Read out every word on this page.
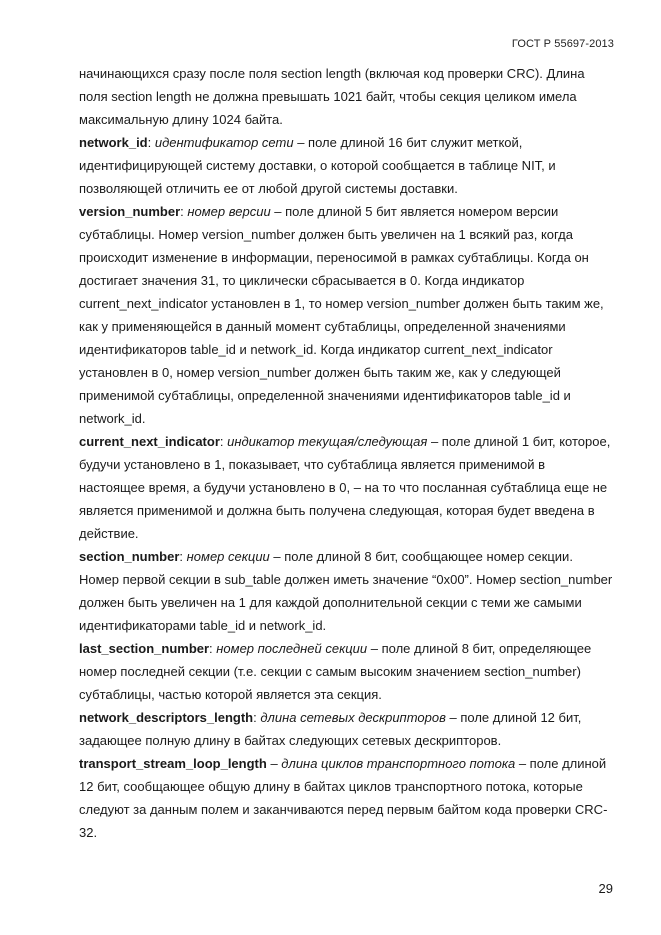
ГОСТ Р 55697-2013

начинающихся сразу после поля section length (включая код проверки CRC). Длина поля section length не должна превышать 1021 байт, чтобы секция целиком имела максимальную длину 1024 байта.

network_id: идентификатор сети – поле длиной 16 бит служит меткой, идентифицирующей систему доставки, о которой сообщается в таблице NIT, и позволяющей отличить ее от любой другой системы доставки.

version_number: номер версии – поле длиной 5 бит является номером версии субтаблицы. Номер version_number должен быть увеличен на 1 всякий раз, когда происходит изменение в информации, переносимой в рамках субтаблицы. Когда он достигает значения 31, то циклически сбрасывается в 0. Когда индикатор current_next_indicator установлен в 1, то номер version_number должен быть таким же, как у применяющейся в данный момент субтаблицы, определенной значениями идентификаторов table_id и network_id. Когда индикатор current_next_indicator установлен в 0, номер version_number должен быть таким же, как у следующей применимой субтаблицы, определенной значениями идентификаторов table_id и network_id.

current_next_indicator: индикатор текущая/следующая – поле длиной 1 бит, которое, будучи установлено в 1, показывает, что субтаблица является применимой в настоящее время, а будучи установлено в 0, – на то что посланная субтаблица еще не является применимой и должна быть получена следующая, которая будет введена в действие.

section_number: номер секции – поле длиной 8 бит, сообщающее номер секции. Номер первой секции в sub_table должен иметь значение “0x00”. Номер section_number должен быть увеличен на 1 для каждой дополнительной секции с теми же самыми идентификаторами table_id и network_id.

last_section_number: номер последней секции – поле длиной 8 бит, определяющее номер последней секции (т.е. секции с самым высоким значением section_number) субтаблицы, частью которой является эта секция.

network_descriptors_length: длина сетевых дескрипторов – поле длиной 12 бит, задающее полную длину в байтах следующих сетевых дескрипторов.

transport_stream_loop_length – длина циклов транспортного потока – поле длиной 12 бит, сообщающее общую длину в байтах циклов транспортного потока, которые следуют за данным полем и заканчиваются перед первым байтом кода проверки CRC-32.

29
